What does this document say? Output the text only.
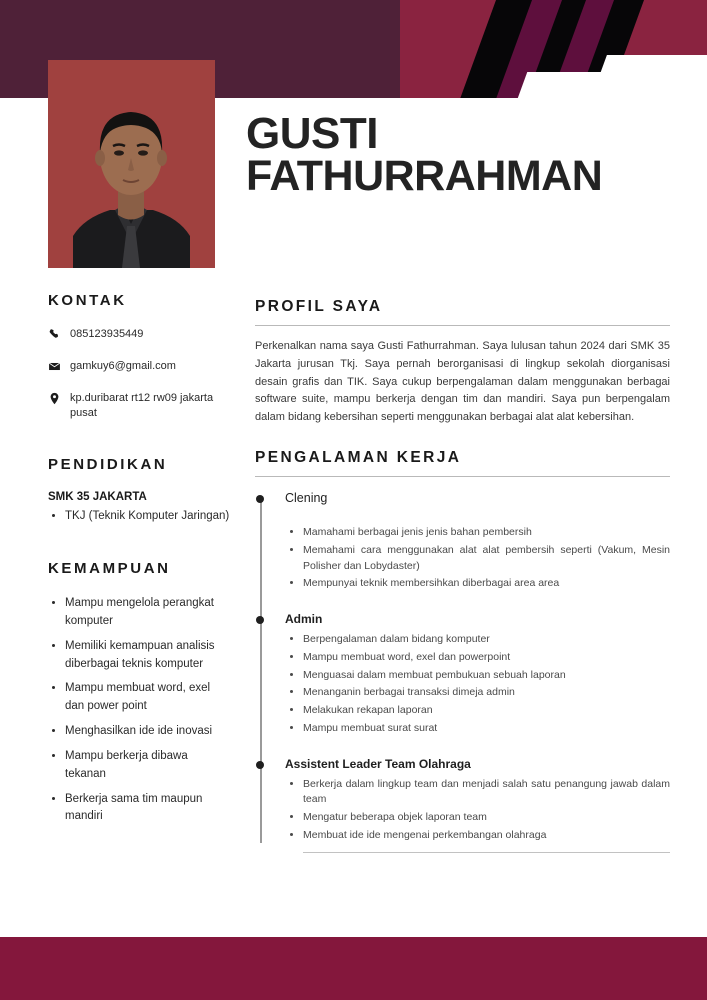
GUSTI
FATHURRAHMAN
KONTAK
085123935449
gamkuy6@gmail.com
kp.duribarat rt12 rw09 jakarta pusat
PENDIDIKAN
SMK 35 JAKARTA
• TKJ (Teknik Komputer Jaringan)
KEMAMPUAN
• Mampu mengelola perangkat komputer
• Memiliki kemampuan analisis diberbagai teknis komputer
• Mampu membuat word, exel dan power point
• Menghasilkan ide ide inovasi
• Mampu berkerja dibawa tekanan
• Berkerja sama tim maupun mandiri
PROFIL SAYA

Perkenalkan nama saya Gusti Fathurrahman. Saya lulusan tahun 2024 dari SMK 35 Jakarta jurusan Tkj. Saya pernah berorganisasi di lingkup sekolah diorganisasi desain grafis dan TIK. Saya cukup berpengalaman dalam menggunakan berbagai software suite, mampu berkerja dengan tim dan mandiri. Saya pun berpengalam dalam bidang kebersihan seperti menggunakan berbagai alat alat kebersihan.

PENGALAMAN KERJA
Clening
• Mamahami berbagai jenis jenis bahan pembersih
• Memahami cara menggunakan alat alat pembersih seperti (Vakum, Mesin Polisher dan Lobydaster)
• Mempunyai teknik membersihkan diberbagai area area
Admin
• Berpengalaman dalam bidang komputer
• Mampu membuat word, exel dan powerpoint
• Menguasai dalam membuat pembukuan sebuah laporan
• Menanganin berbagai transaksi dimeja admin
• Melakukan rekapan laporan
• Mampu membuat surat surat
Assistent Leader Team Olahraga
• Berkerja dalam lingkup team dan menjadi salah satu penangung jawab dalam team
• Mengatur beberapa objek laporan team
• Membuat ide ide mengenai perkembangan olahraga
